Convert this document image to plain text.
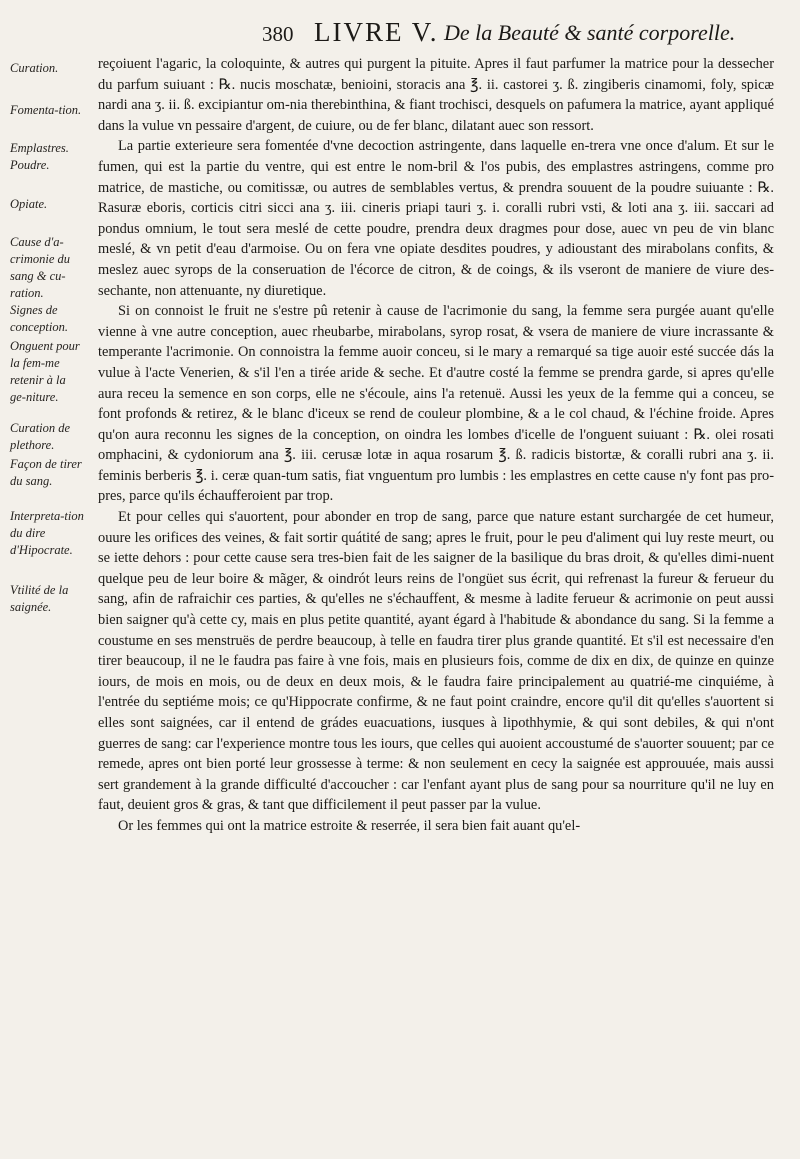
380 LIVRE V. De la Beauté & santé corporelle.
Curation.
Fomenta-tion.
Emplastres. Poudre.
Opiate.
Cause d'a-crimonie du sang & cu-ration.
Signes de conception.
Onguent pour la fem-me retenir à la ge-niture.
Curation de plethore.
Façon de tirer du sang.
Interpreta-tion du dire d'Hipocrate.
Vtilité de la saignée.

reçoiuent l'agaric, la coloquinte, & autres qui purgent la pituite. Apres il faut parfumer la matrice pour la dessecher du parfum suiuant : ℞. nucis moschatæ, benioini, storacis ana ℥. ii. castorei ʒ. ß. zingiberis cinamomi, foly, spicæ nardi ana ʒ. ii. ß. excipiantur om-nia therebinthina, & fiant trochisci, desquels on pafumera la matrice, ayant appliqué dans la vulue vn pessaire d'argent, de cuiure, ou de fer blanc, dilatant auec son ressort.

La partie exterieure sera fomentée d'vne decoction astringente, dans laquelle en-trera vne once d'alum. Et sur le fumen, qui est la partie du ventre, qui est entre le nom-bril & l'os pubis, des emplastres astringens, comme pro matrice, de mastiche, ou comitissæ, ou autres de semblables vertus, & prendra souuent de la poudre suiuante : ℞. Rasuræ eboris, corticis citri sicci ana ʒ. iii. cineris priapi tauri ʒ. i. coralli rubri vsti, & loti ana ʒ. iii. saccari ad pondus omnium, le tout sera meslé de cette poudre, prendra deux dragmes pour dose, auec vn peu de vin blanc meslé, & vn petit d'eau d'armoise. Ou on fera vne opiate desdites poudres, y adioustant des mirabolans confits, & meslez auec syrops de la conseruation de l'écorce de citron, & de coings, & ils vseront de maniere de viure des-sechante, non attenuante, ny diuretique.

Si on connoist le fruit ne s'estre pû retenir à cause de l'acrimonie du sang, la femme sera purgée auant qu'elle vienne à vne autre conception, auec rheubarbe, mirabolans, syrop rosat, & vsera de maniere de viure incrassante & temperante l'acrimonie. On connoistra la femme auoir conceu, si le mary a remarqué sa tige auoir esté succée dás la vulue à l'acte Venerien, & s'il l'en a tirée aride & seche. Et d'autre costé la femme se prendra garde, si apres qu'elle aura receu la semence en son corps, elle ne s'écoule, ains l'a retenuë. Aussi les yeux de la femme qui a conceu, se font profonds & retirez, & le blanc d'iceux se rend de couleur plombine, & a le col chaud, & l'échine froide. Apres qu'on aura reconnu les signes de la conception, on oindra les lombes d'icelle de l'onguent suiuant : ℞. olei rosati omphacini, & cydoniorum ana ℥. iii. cerusæ lotæ in aqua rosarum ℥. ß. radicis bistortæ, & coralli rubri ana ʒ. ii. feminis berberis ℥. i. ceræ quan-tum satis, fiat vnguentum pro lumbis : les emplastres en cette cause n'y font pas pro-pres, parce qu'ils échaufferoient par trop.

Et pour celles qui s'auortent, pour abonder en trop de sang, parce que nature estant surchargée de cet humeur, ouure les orifices des veines, & fait sortir quátité de sang; apres le fruit, pour le peu d'aliment qui luy reste meurt, ou se iette dehors : pour cette cause sera tres-bien fait de les saigner de la basilique du bras droit, & qu'elles dimi-nuent quelque peu de leur boire & mãger, & oindrót leurs reins de l'ongüet sus écrit, qui refrenast la fureur & ferueur du sang, afin de rafraichir ces parties, & qu'elles ne s'échauffent, & mesme à ladite ferueur & acrimonie on peut aussi bien saigner qu'à cette cy, mais en plus petite quantité, ayant égard à l'habitude & abondance du sang. Si la femme a coustume en ses menstruës de perdre beaucoup, à telle en faudra tirer plus grande quantité. Et s'il est necessaire d'en tirer beaucoup, il ne le faudra pas faire à vne fois, mais en plusieurs fois, comme de dix en dix, de quinze en quinze iours, de mois en mois, ou de deux en deux mois, & le faudra faire principalement au quatrié-me cinquiéme, à l'entrée du septiéme mois; ce qu'Hippocrate confirme, & ne faut point craindre, encore qu'il dit qu'elles s'auortent si elles sont saignées, car il entend de grádes euacuations, iusques à lipothhymie, & qui sont debiles, & qui n'ont guerres de sang: car l'experience montre tous les iours, que celles qui auoient accoustumé de s'auorter souuent; par ce remede, apres ont bien porté leur grossesse à terme: & non seulement en cecy la saignée est approuuée, mais aussi sert grandement à la grande difficulté d'accoucher : car l'enfant ayant plus de sang pour sa nourriture qu'il ne luy en faut, deuient gros & gras, & tant que difficilement il peut passer par la vulue.

Or les femmes qui ont la matrice estroite & reserrée, il sera bien fait auant qu'el-
